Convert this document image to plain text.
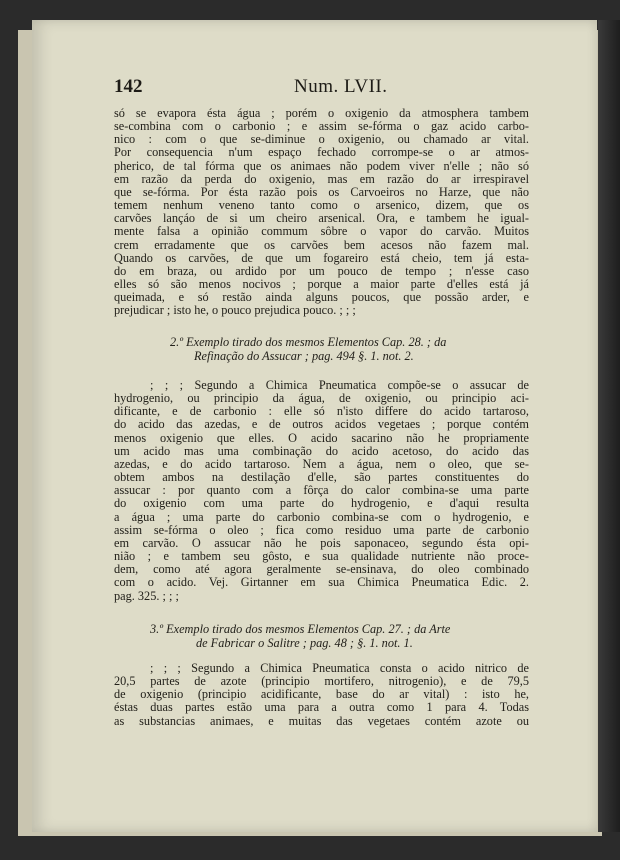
142	Num. LVII.
só se evapora ésta água ; porém o oxigenio da atmosphera tambem
se-combina com o carbonio ; e assim se-fórma o gaz acido carbo-
nico : com o que se-diminue o oxigenio, ou chamado ar vital.
Por consequencia n'um espaço fechado corrompe-se o ar atmos-
pherico, de tal fórma que os animaes não podem viver n'elle ; não só
em razão da perda do oxigenio, mas em razão do ar irrespiravel
que se-fórma. Por ésta razão pois os Carvoeiros no Harze, que não
temem nenhum veneno tanto como o arsenico, dizem, que os
carvões lançáo de si um cheiro arsenical. Ora, e tambem he igual-
mente falsa a opinião commum sôbre o vapor do carvão. Muitos
crem erradamente que os carvões bem acesos não fazem mal.
Quando os carvões, de que um fogareiro está cheio, tem já esta-
do em braza, ou ardido por um pouco de tempo ; n'esse caso
elles só são menos nocivos ; porque a maior parte d'elles está já
queimada, e só restão ainda alguns poucos, que possão arder, e
prejudicar ; isto he, o pouco prejudica pouco. ; ; ;
2.º Exemplo tirado dos mesmos Elementos Cap. 28. ; da
Refinação do Assucar ; pag. 494 §. 1. not. 2.
; ; ; Segundo a Chimica Pneumatica compõe-se o assucar de
hydrogenio, ou principio da água, de oxigenio, ou principio aci-
dificante, e de carbonio : elle só n'isto differe do acido tartaroso,
do acido das azedas, e de outros acidos vegetaes ; porque contém
menos oxigenio que elles. O acido sacarino não he propriamente
um acido mas uma combinação do acido acetoso, do acido das
azedas, e do acido tartaroso. Nem a água, nem o oleo, que se-
obtem ambos na destilação d'elle, são partes constituentes do
assucar : por quanto com a fôrça do calor combina-se uma parte
do oxigenio com uma parte do hydrogenio, e d'aqui resulta
a água ; uma parte do carbonio combina-se com o hydrogenio, e
assim se-fórma o oleo ; fica como residuo uma parte de carbonio
em carvão. O assucar não he pois saponaceo, segundo ésta opi-
nião ; e tambem seu gôsto, e sua qualidade nutriente não proce-
dem, como até agora geralmente se-ensinava, do oleo combinado
com o acido. Vej. Girtanner em sua Chimica Pneumatica Edic. 2.
pag. 325. ; ; ;
3.º Exemplo tirado dos mesmos Elementos Cap. 27. ; da Arte
de Fabricar o Salitre ; pag. 48 ; §. 1. not. 1.
; ; ; Segundo a Chimica Pneumatica consta o acido nitrico de
20,5 partes de azote (principio mortifero, nitrogenio), e de 79,5
de oxigenio (principio acidificante, base do ar vital) : isto he,
éstas duas partes estão uma para a outra como 1 para 4. Todas
as substancias animaes, e muitas das vegetaes contém azote ou
